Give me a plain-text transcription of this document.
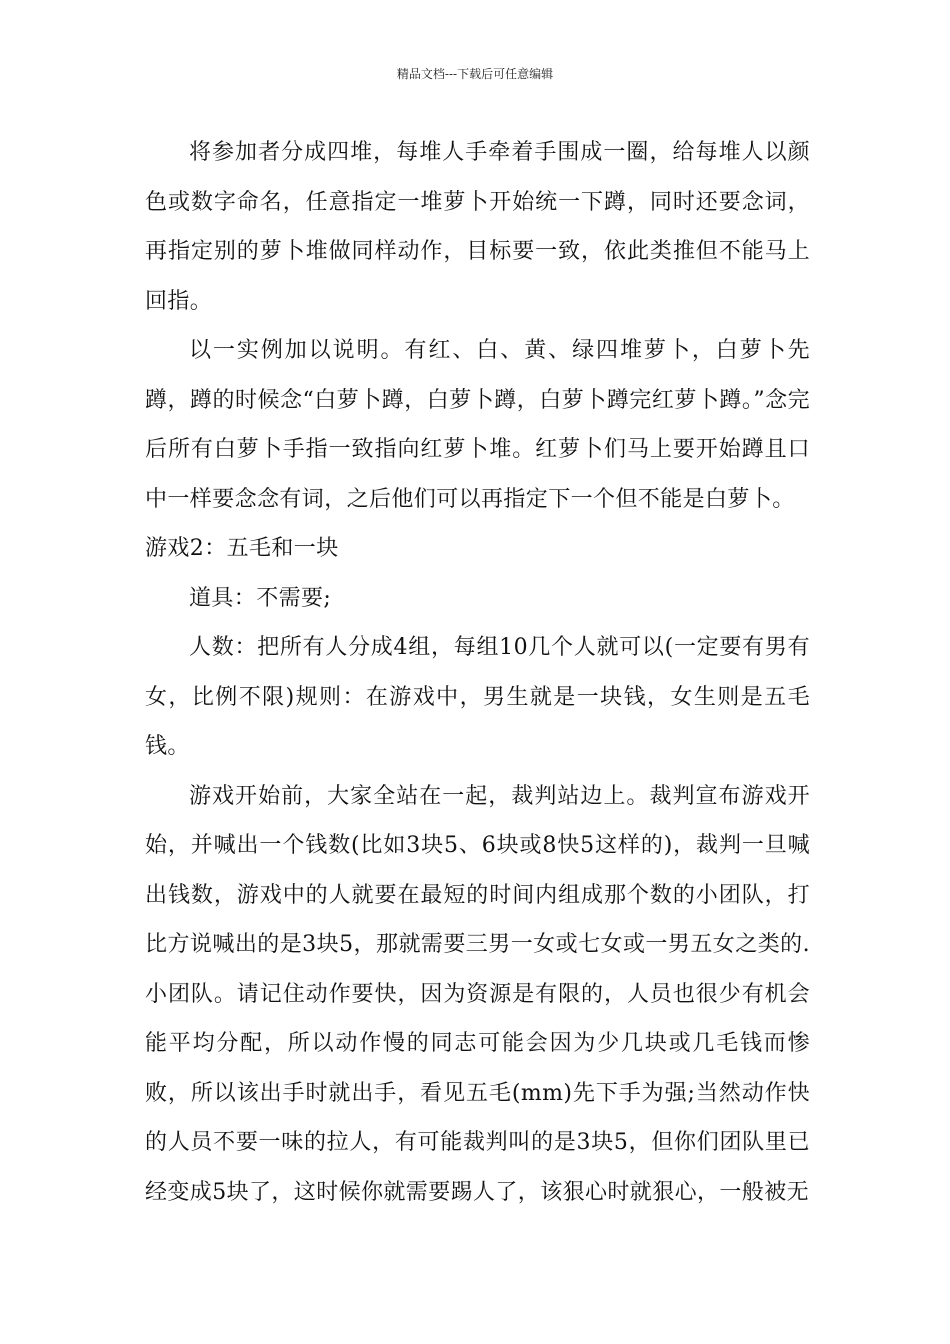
精品文档---下载后可任意编辑

将参加者分成四堆，每堆人手牵着手围成一圈，给每堆人以颜色或数字命名，任意指定一堆萝卜开始统一下蹲，同时还要念词，再指定别的萝卜堆做同样动作，目标要一致，依此类推但不能马上回指。

以一实例加以说明。有红、白、黄、绿四堆萝卜，白萝卜先蹲，蹲的时候念“白萝卜蹲，白萝卜蹲，白萝卜蹲完红萝卜蹲。”念完后所有白萝卜手指一致指向红萝卜堆。红萝卜们马上要开始蹲且口中一样要念念有词，之后他们可以再指定下一个但不能是白萝卜。

游戏2：五毛和一块

道具：不需要;

人数：把所有人分成4组，每组10几个人就可以(一定要有男有女，比例不限)规则：在游戏中，男生就是一块钱，女生则是五毛钱。

游戏开始前，大家全站在一起，裁判站边上。裁判宣布游戏开始，并喊出一个钱数(比如3块5、6块或8快5这样的)，裁判一旦喊出钱数，游戏中的人就要在最短的时间内组成那个数的小团队，打比方说喊出的是3块5，那就需要三男一女或七女或一男五女之类的.小团队。请记住动作要快，因为资源是有限的，人员也很少有机会能平均分配，所以动作慢的同志可能会因为少几块或几毛钱而惨败，所以该出手时就出手，看见五毛(mm)先下手为强;当然动作快的人员不要一味的拉人，有可能裁判叫的是3块5，但你们团队里已经变成5块了，这时候你就需要踢人了，该狠心时就狠心，一般被无
